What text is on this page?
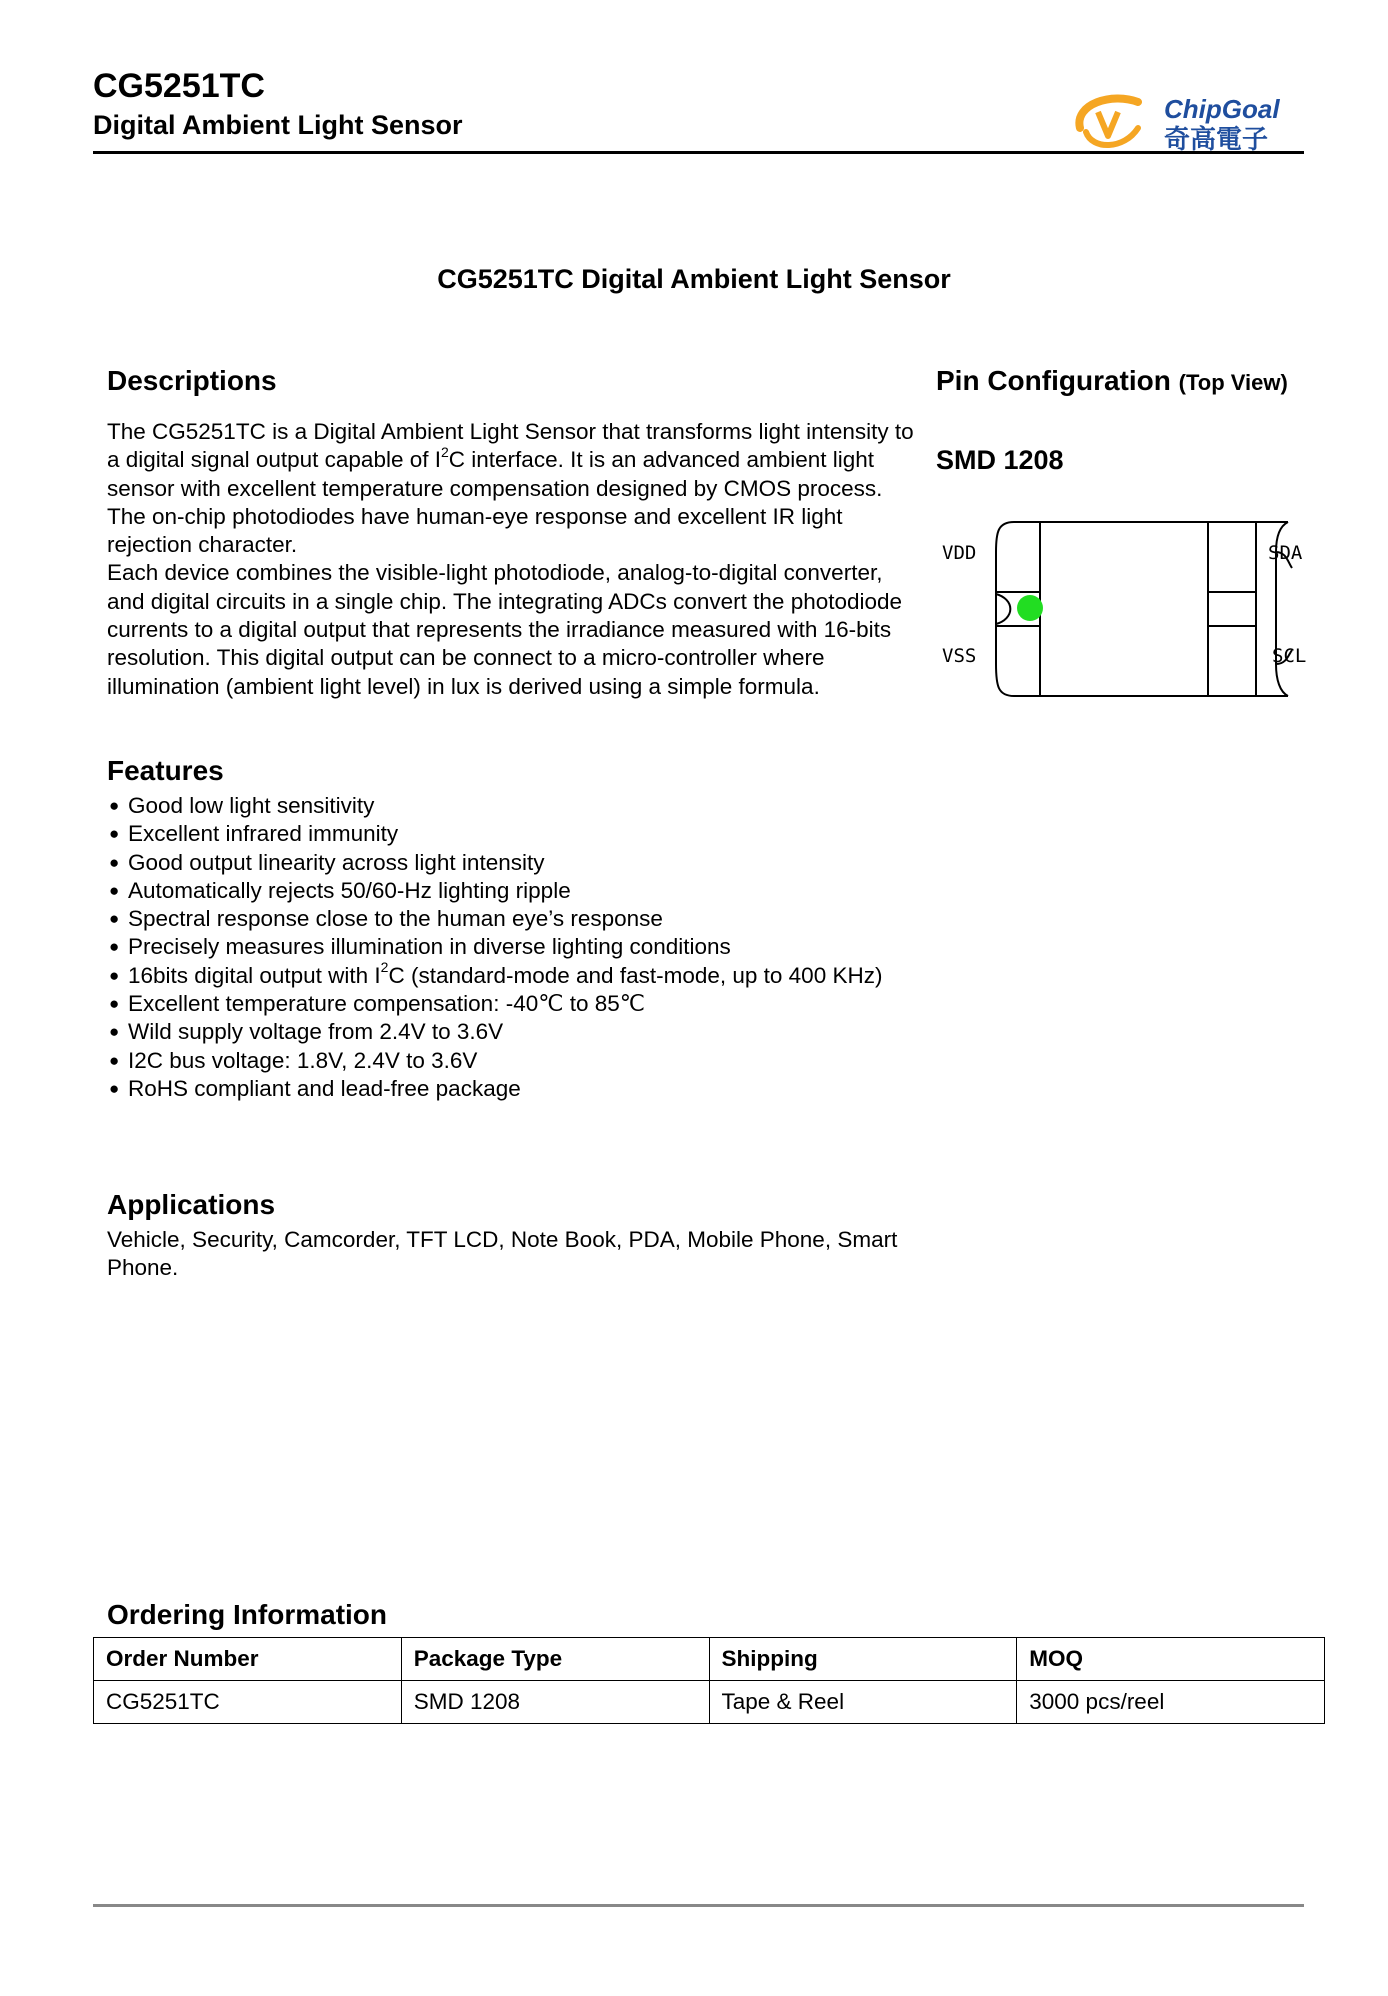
CG5251TC
Digital Ambient Light Sensor
ChipGoal
奇高電子
CG5251TC Digital Ambient Light Sensor
Descriptions

The CG5251TC is a Digital Ambient Light Sensor that transforms light intensity to a digital signal output capable of $I^2C$ interface. It is an advanced ambient light sensor with excellent temperature compensation designed by CMOS process. The on-chip photodiodes have human-eye response and excellent IR light rejection character.

Each device combines the visible-light photodiode, analog-to-digital converter, and digital circuits in a single chip. The integrating ADCs convert the photodiode currents to a digital output that represents the irradiance measured with 16-bits resolution. This digital output can be connect to a micro-controller where illumination (ambient light level) in lux is derived using a simple formula.

Features
● Good low light sensitivity
● Excellent infrared immunity
● Good output linearity across light intensity
● Automatically rejects 50/60-Hz lighting ripple
● Spectral response close to the human eye’s response
● Precisely measures illumination in diverse lighting conditions
● 16bits digital output with $I^2C$ (standard-mode and fast-mode, up to 400 KHz)
● Excellent temperature compensation: -40℃ to 85℃
● Wild supply voltage from 2.4V to 3.6V
● I2C bus voltage: 1.8V, 2.4V to 3.6V
● RoHS compliant and lead-free package
Applications
Vehicle, Security, Camcorder, TFT LCD, Note Book, PDA, Mobile Phone, Smart Phone.
Pin Configuration (Top View)
SMD 1208
VDD
VSS
SDA
SCL
Ordering Information
Order Number	Package Type	Shipping	MOQ
CG5251TC	SMD 1208	Tape & Reel	3000 pcs/reel
